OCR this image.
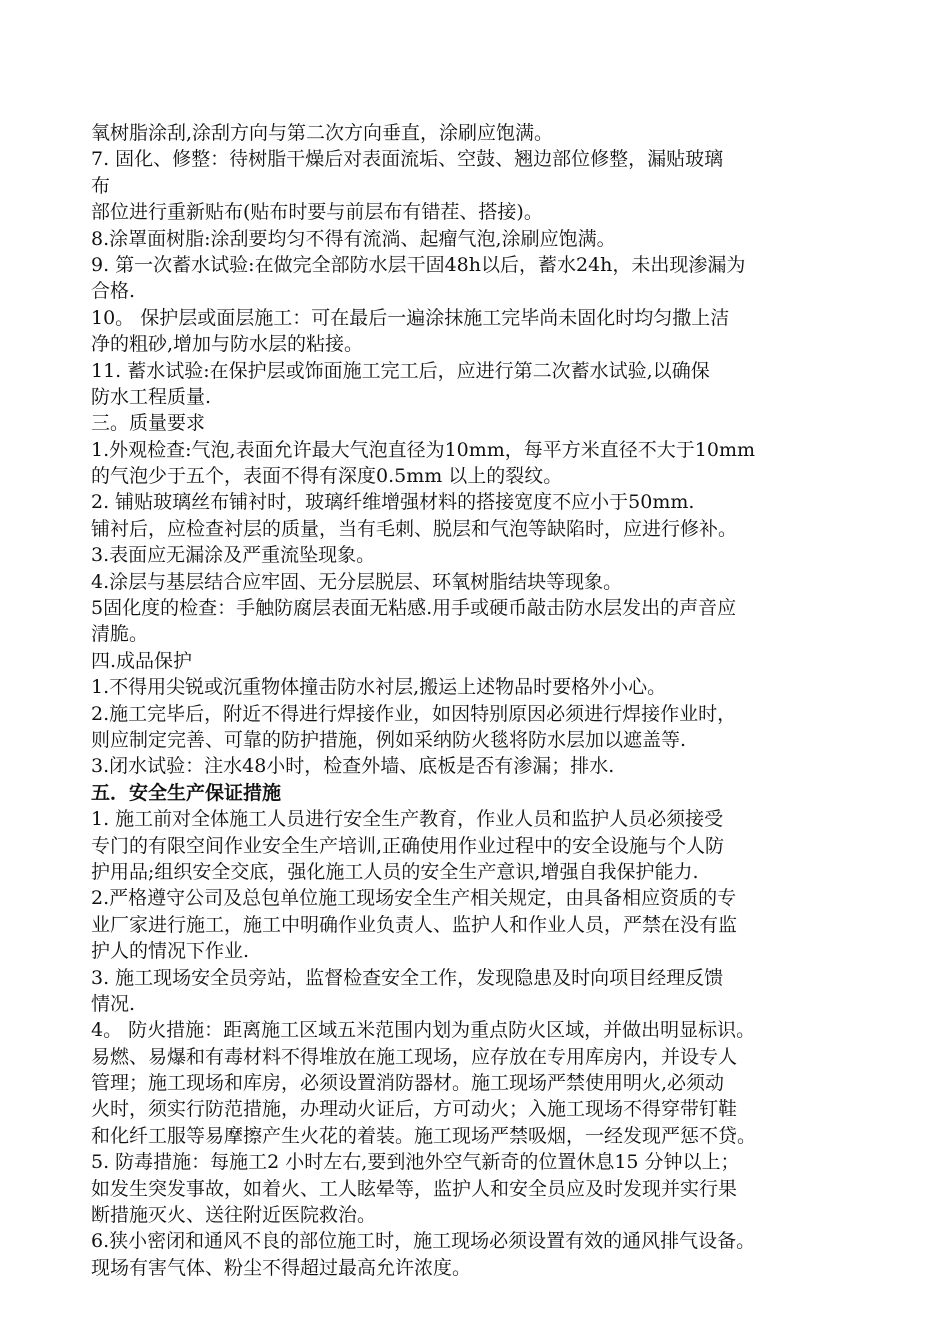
氧树脂涂刮,涂刮方向与第二次方向垂直，涂刷应饱满。
7. 固化、修整：待树脂干燥后对表面流垢、空鼓、翘边部位修整，漏贴玻璃
布
部位进行重新贴布(贴布时要与前层布有错茬、搭接)。
8.涂罩面树脂:涂刮要均匀不得有流淌、起瘤气泡,涂刷应饱满。
9. 第一次蓄水试验:在做完全部防水层干固48h以后，蓄水24h，未出现渗漏为
合格.
10。 保护层或面层施工：可在最后一遍涂抹施工完毕尚未固化时均匀撒上洁
净的粗砂,增加与防水层的粘接。
11. 蓄水试验:在保护层或饰面施工完工后，应进行第二次蓄水试验,以确保
防水工程质量.
三。质量要求
1.外观检查:气泡,表面允许最大气泡直径为10mm，每平方米直径不大于10mm
的气泡少于五个，表面不得有深度0.5mm 以上的裂纹。
2. 铺贴玻璃丝布铺衬时，玻璃纤维增强材料的搭接宽度不应小于50mm.
铺衬后，应检查衬层的质量，当有毛刺、脱层和气泡等缺陷时，应进行修补。
3.表面应无漏涂及严重流坠现象。
4.涂层与基层结合应牢固、无分层脱层、环氧树脂结块等现象。
5固化度的检查：手触防腐层表面无粘感.用手或硬币敲击防水层发出的声音应
清脆。
四.成品保护
1.不得用尖锐或沉重物体撞击防水衬层,搬运上述物品时要格外小心。
2.施工完毕后，附近不得进行焊接作业，如因特别原因必须进行焊接作业时，
则应制定完善、可靠的防护措施，例如采纳防火毯将防水层加以遮盖等.
3.闭水试验：注水48小时，检查外墙、底板是否有渗漏；排水.
五．安全生产保证措施
1. 施工前对全体施工人员进行安全生产教育，作业人员和监护人员必须接受
专门的有限空间作业安全生产培训,正确使用作业过程中的安全设施与个人防
护用品;组织安全交底，强化施工人员的安全生产意识,增强自我保护能力.
2.严格遵守公司及总包单位施工现场安全生产相关规定，由具备相应资质的专
业厂家进行施工，施工中明确作业负责人、监护人和作业人员，严禁在没有监
护人的情况下作业.
3. 施工现场安全员旁站，监督检查安全工作，发现隐患及时向项目经理反馈
情况.
4。 防火措施：距离施工区域五米范围内划为重点防火区域，并做出明显标识。
易燃、易爆和有毒材料不得堆放在施工现场，应存放在专用库房内，并设专人
管理；施工现场和库房，必须设置消防器材。施工现场严禁使用明火,必须动
火时，须实行防范措施，办理动火证后，方可动火；入施工现场不得穿带钉鞋
和化纤工服等易摩擦产生火花的着装。施工现场严禁吸烟，一经发现严惩不贷。
5. 防毒措施：每施工2 小时左右,要到池外空气新奇的位置休息15 分钟以上；
如发生突发事故，如着火、工人眩晕等，监护人和安全员应及时发现并实行果
断措施灭火、送往附近医院救治。
6.狭小密闭和通风不良的部位施工时，施工现场必须设置有效的通风排气设备。
现场有害气体、粉尘不得超过最高允许浓度。
